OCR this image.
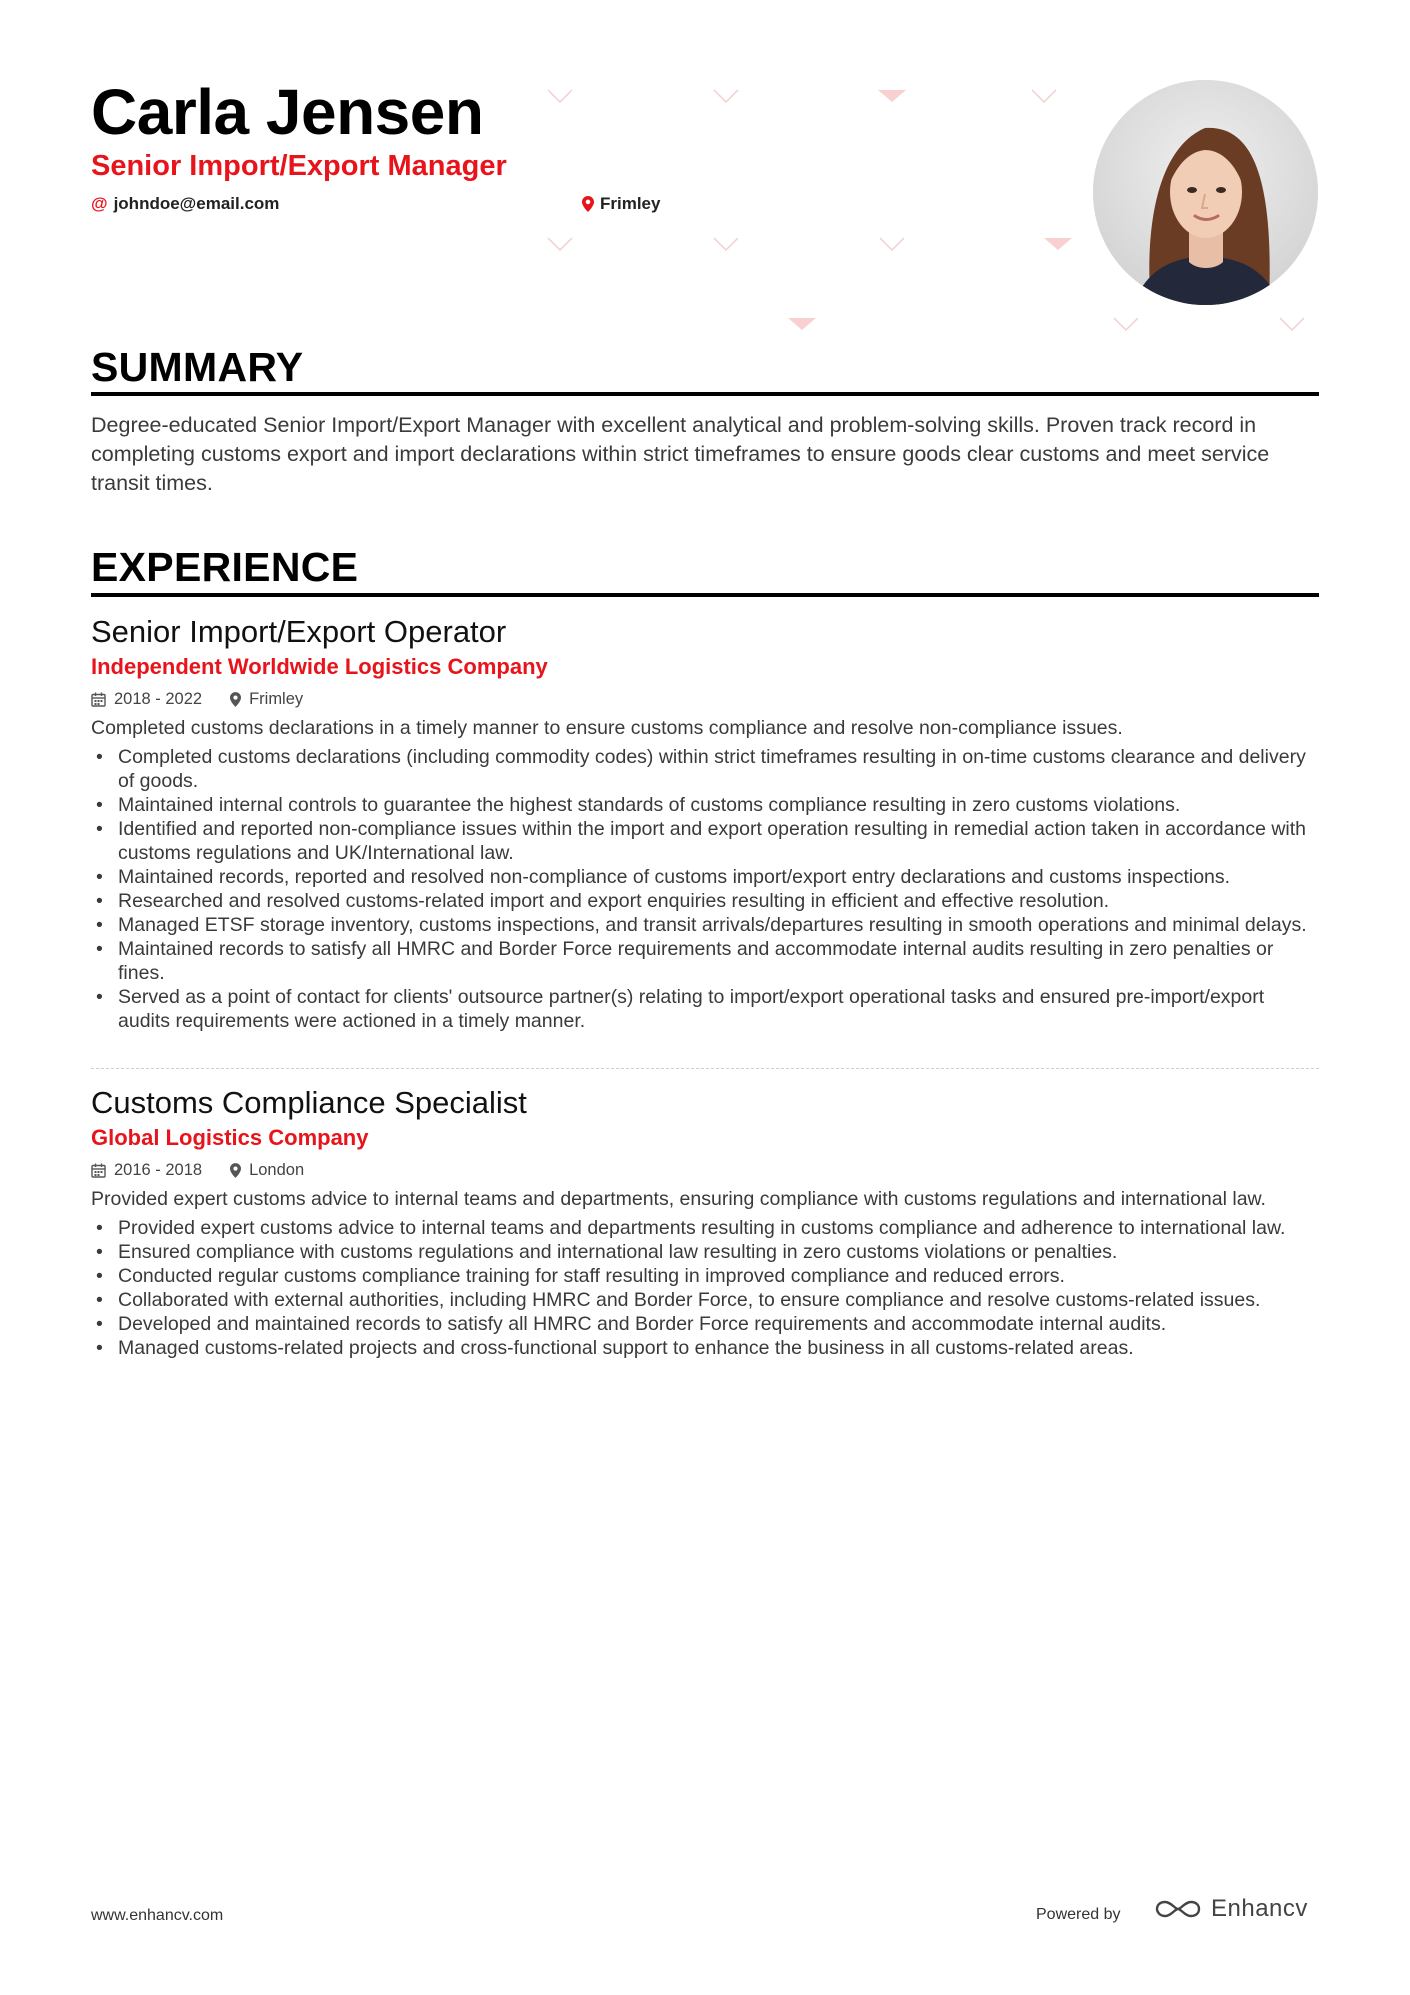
Carla Jensen
Senior Import/Export Manager
@ johndoe@email.com	Frimley
SUMMARY

Degree-educated Senior Import/Export Manager with excellent analytical and problem-solving skills. Proven track record in completing customs export and import declarations within strict timeframes to ensure goods clear customs and meet service transit times.

EXPERIENCE
Senior Import/Export Operator

Independent Worldwide Logistics Company

2018 - 2022	Frimley

Completed customs declarations in a timely manner to ensure customs compliance and resolve non-compliance issues.

• Completed customs declarations (including commodity codes) within strict timeframes resulting in on-time customs clearance and delivery of goods.
• Maintained internal controls to guarantee the highest standards of customs compliance resulting in zero customs violations.
• Identified and reported non-compliance issues within the import and export operation resulting in remedial action taken in accordance with customs regulations and UK/International law.
• Maintained records, reported and resolved non-compliance of customs import/export entry declarations and customs inspections.
• Researched and resolved customs-related import and export enquiries resulting in efficient and effective resolution.
• Managed ETSF storage inventory, customs inspections, and transit arrivals/departures resulting in smooth operations and minimal delays.
• Maintained records to satisfy all HMRC and Border Force requirements and accommodate internal audits resulting in zero penalties or fines.
• Served as a point of contact for clients' outsource partner(s) relating to import/export operational tasks and ensured pre-import/export audits requirements were actioned in a timely manner.
Customs Compliance Specialist

Global Logistics Company

2016 - 2018	London

Provided expert customs advice to internal teams and departments, ensuring compliance with customs regulations and international law.

• Provided expert customs advice to internal teams and departments resulting in customs compliance and adherence to international law.
• Ensured compliance with customs regulations and international law resulting in zero customs violations or penalties.
• Conducted regular customs compliance training for staff resulting in improved compliance and reduced errors.
• Collaborated with external authorities, including HMRC and Border Force, to ensure compliance and resolve customs-related issues.
• Developed and maintained records to satisfy all HMRC and Border Force requirements and accommodate internal audits.
• Managed customs-related projects and cross-functional support to enhance the business in all customs-related areas.
www.enhancv.com	Powered by	Enhancv
